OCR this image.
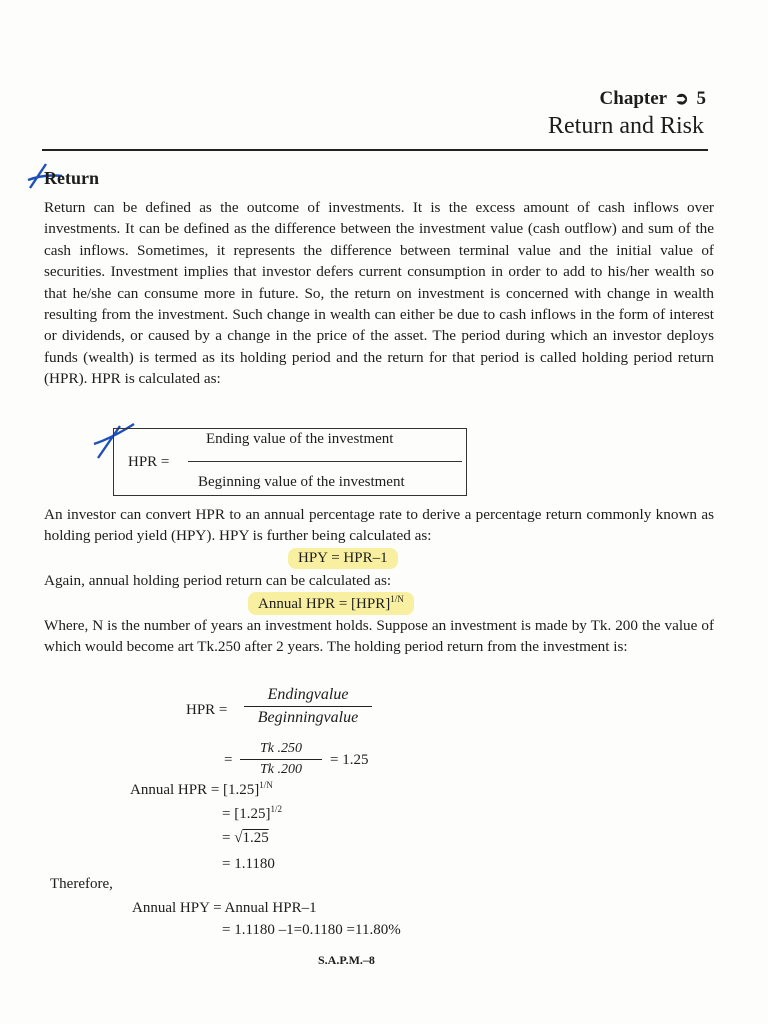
Chapter ➲ 5
Return and Risk
Return

Return can be defined as the outcome of investments. It is the excess amount of cash inflows over investments. It can be defined as the difference between the investment value (cash outflow) and sum of the cash inflows. Sometimes, it represents the difference between terminal value and the initial value of securities. Investment implies that investor defers current consumption in order to add to his/her wealth so that he/she can consume more in future. So, the return on investment is concerned with change in wealth resulting from the investment. Such change in wealth can either be due to cash inflows in the form of interest or dividends, or caused by a change in the price of the asset. The period during which an investor deploys funds (wealth) is termed as its holding period and the return for that period is called holding period return (HPR). HPR is calculated as:

HPR =
Ending value of the investment
Beginning value of the investment

An investor can convert HPR to an annual percentage rate to derive a percentage return commonly known as holding period yield (HPY). HPY is further being calculated as:

HPY = HPR–1
Again, annual holding period return can be calculated as:
Annual HPR = [HPR]$^{1/N}$

Where, N is the number of years an investment holds. Suppose an investment is made by Tk. 200 the value of which would become art Tk.250 after 2 years. The holding period return from the investment is:

HPR =
Endingvalue
Beginningvalue
=
Tk .250
Tk .200
= 1.25
Annual HPR = $[1.25]^{1/N}$
= $[1.25]^{1/2}$
= √1.25
= 1.1180
Therefore,
Annual HPY = Annual HPR–1
= 1.1180 –1=0.1180 =11.80%
S.A.P.M.–8
